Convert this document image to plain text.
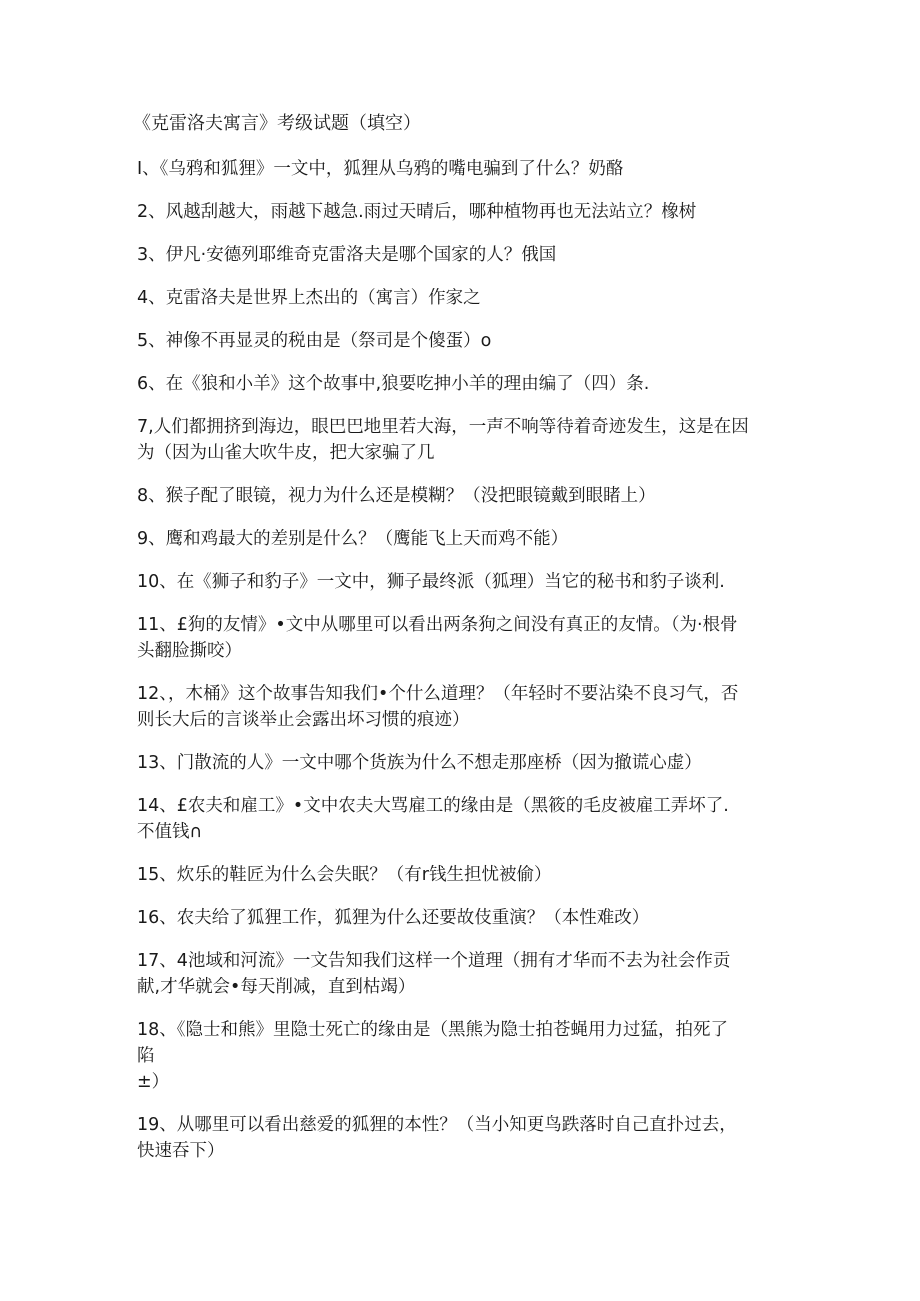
《克雷洛夫寓言》考级试题（填空）
I、《乌鸦和狐狸》一文中，狐狸从乌鸦的嘴电骗到了什么？奶酪
2、风越刮越大，雨越下越急.雨过天晴后，哪种植物再也无法站立？橡树
3、伊凡·安德列耶维奇克雷洛夫是哪个国家的人？俄国
4、克雷洛夫是世界上杰出的（寓言）作家之
5、神像不再显灵的税由是（祭司是个傻蛋）o
6、在《狼和小羊》这个故事中,狼要吃抻小羊的理由编了（四）条.
7,人们都拥挤到海边，眼巴巴地里若大海，一声不响等待着奇迹发生，这是在因
为（因为山雀大吹牛皮，把大家骗了几
8、猴子配了眼镜，视力为什么还是模糊？（没把眼镜戴到眼睹上）
9、鹰和鸡最大的差别是什么？（鹰能飞上天而鸡不能）
10、在《狮子和豹子》一文中，狮子最终派（狐理）当它的秘书和豹子谈利.
11、£狗的友情》•文中从哪里可以看出两条狗之间没有真正的友情。（为·根骨
头翻脸撕咬）
12、，木桶》这个故事告知我们•个什么道理？（年轻时不要沾染不良习气，否
则长大后的言谈举止会露出坏习惯的痕迹）
13、门散流的人》一文中哪个货族为什么不想走那座桥（因为撤谎心虚）
14、£农夫和雇工》•文中农夫大骂雇工的缘由是（黑筱的毛皮被雇工弄坏了.
不值钱∩
15、炊乐的鞋匠为什么会失眠？（有r钱生担忧被偷）
16、农夫给了狐狸工作，狐狸为什么还要故伎重演？（本性难改）
17、4池域和河流》一文告知我们这样一个道理（拥有才华而不去为社会作贡
献,才华就会•每天削减，直到枯竭）
18、《隐士和熊》里隐士死亡的缘由是（黑熊为隐士拍苍蝇用力过猛，拍死了
陷
±）
19、从哪里可以看出慈爱的狐狸的本性？（当小知更鸟跌落时自己直扑过去，
快速吞下）
